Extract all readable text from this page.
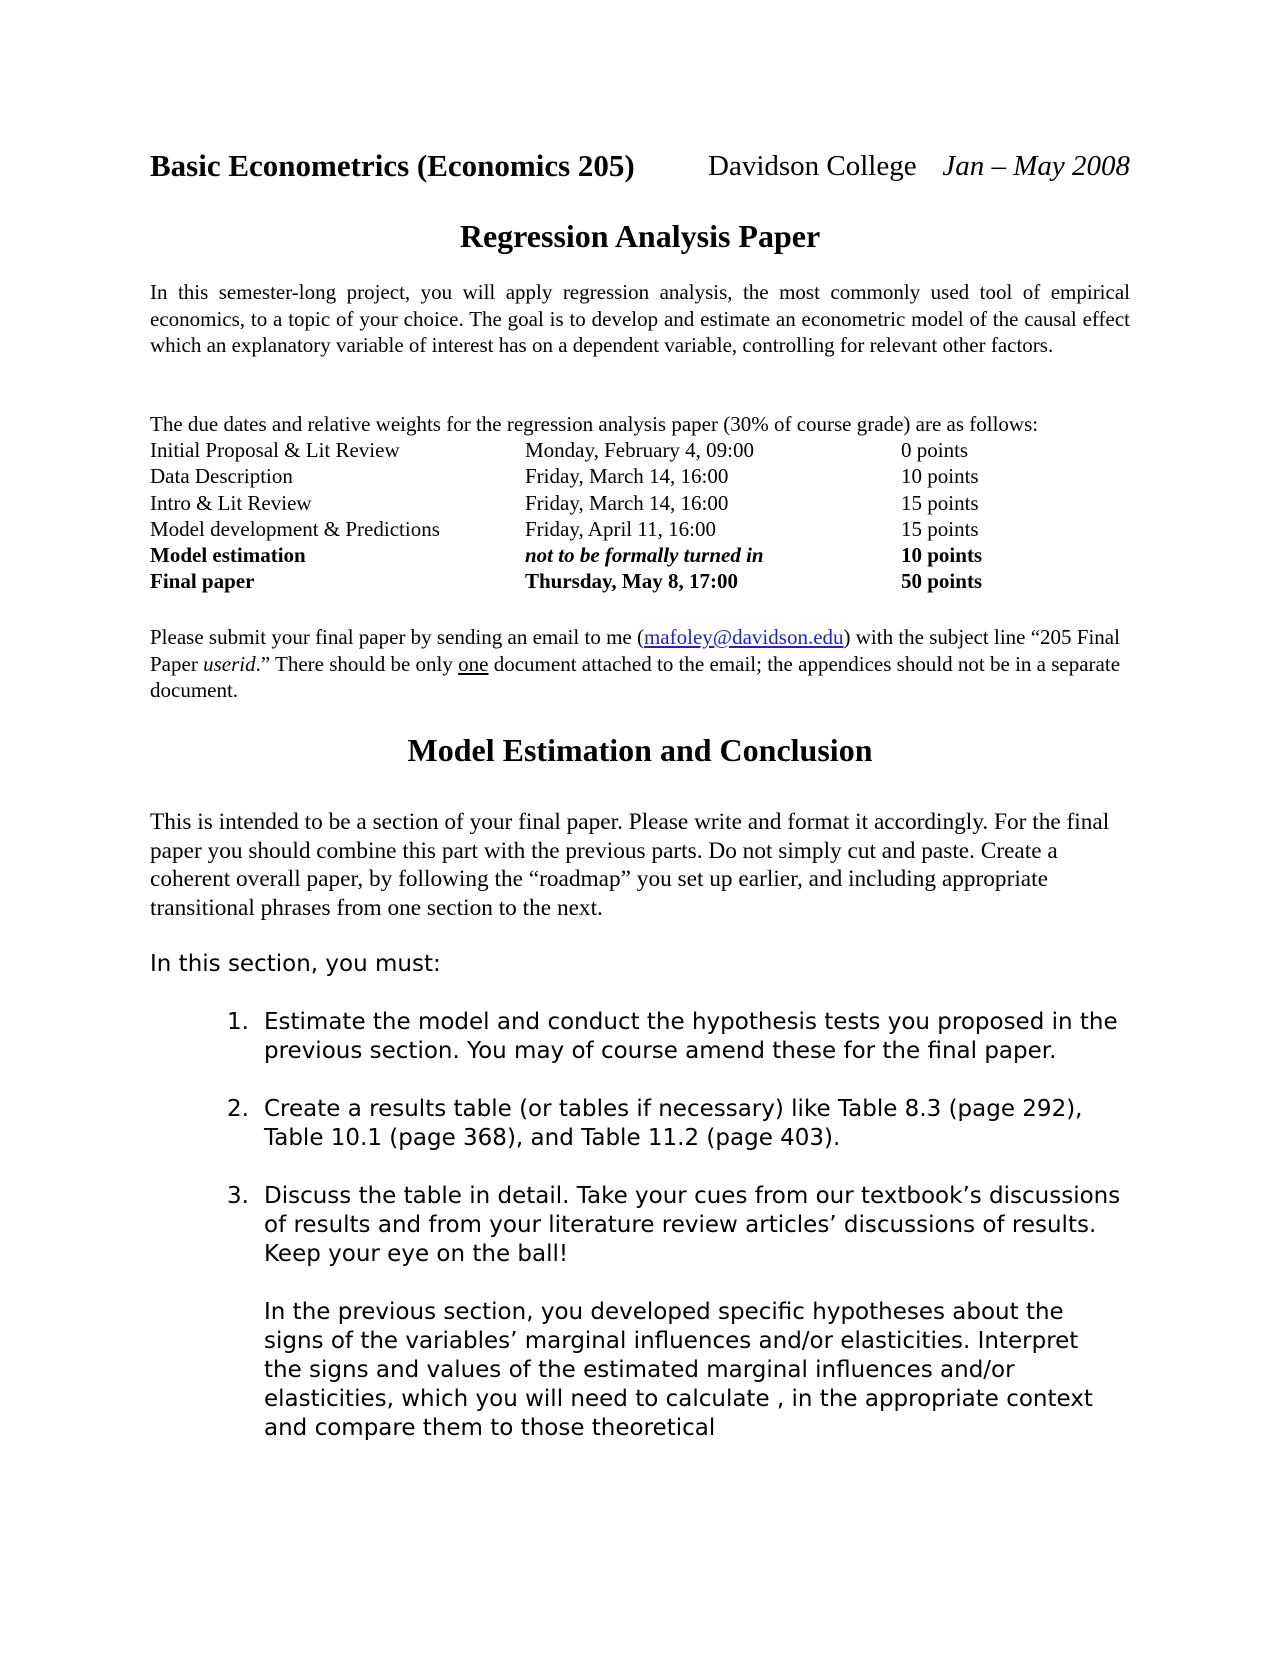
Basic Econometrics (Economics 205)	Davidson College Jan – May 2008
Regression Analysis Paper

In this semester-long project, you will apply regression analysis, the most commonly used tool of empirical economics, to a topic of your choice. The goal is to develop and estimate an econometric model of the causal effect which an explanatory variable of interest has on a dependent variable, controlling for relevant other factors.

The due dates and relative weights for the regression analysis paper (30% of course grade) are as follows:

Initial Proposal & Lit Review	Monday, February 4, 09:00	0 points
Data Description	Friday, March 14, 16:00	10 points
Intro & Lit Review	Friday, March 14, 16:00	15 points
Model development & Predictions	Friday, April 11, 16:00	15 points
Model estimation	not to be formally turned in	10 points
Final paper	Thursday, May 8, 17:00	50 points

Please submit your final paper by sending an email to me (mafoley@davidson.edu) with the subject line “205 Final Paper userid.” There should be only one document attached to the email; the appendices should not be in a separate document.

Model Estimation and Conclusion

This is intended to be a section of your final paper. Please write and format it accordingly. For the final paper you should combine this part with the previous parts. Do not simply cut and paste. Create a coherent overall paper, by following the “roadmap” you set up earlier, and including appropriate transitional phrases from one section to the next.

In this section, you must:
1. Estimate the model and conduct the hypothesis tests you proposed in the previous section. You may of course amend these for the final paper.

2. Create a results table (or tables if necessary) like Table 8.3 (page 292), Table 10.1 (page 368), and Table 11.2 (page 403).

3. Discuss the table in detail. Take your cues from our textbook’s discussions of results and from your literature review articles’ discussions of results. Keep your eye on the ball!

In the previous section, you developed specific hypotheses about the signs of the variables’ marginal influences and/or elasticities. Interpret the signs and values of the estimated marginal influences and/or elasticities, which you will need to calculate , in the appropriate context and compare them to those theoretical
